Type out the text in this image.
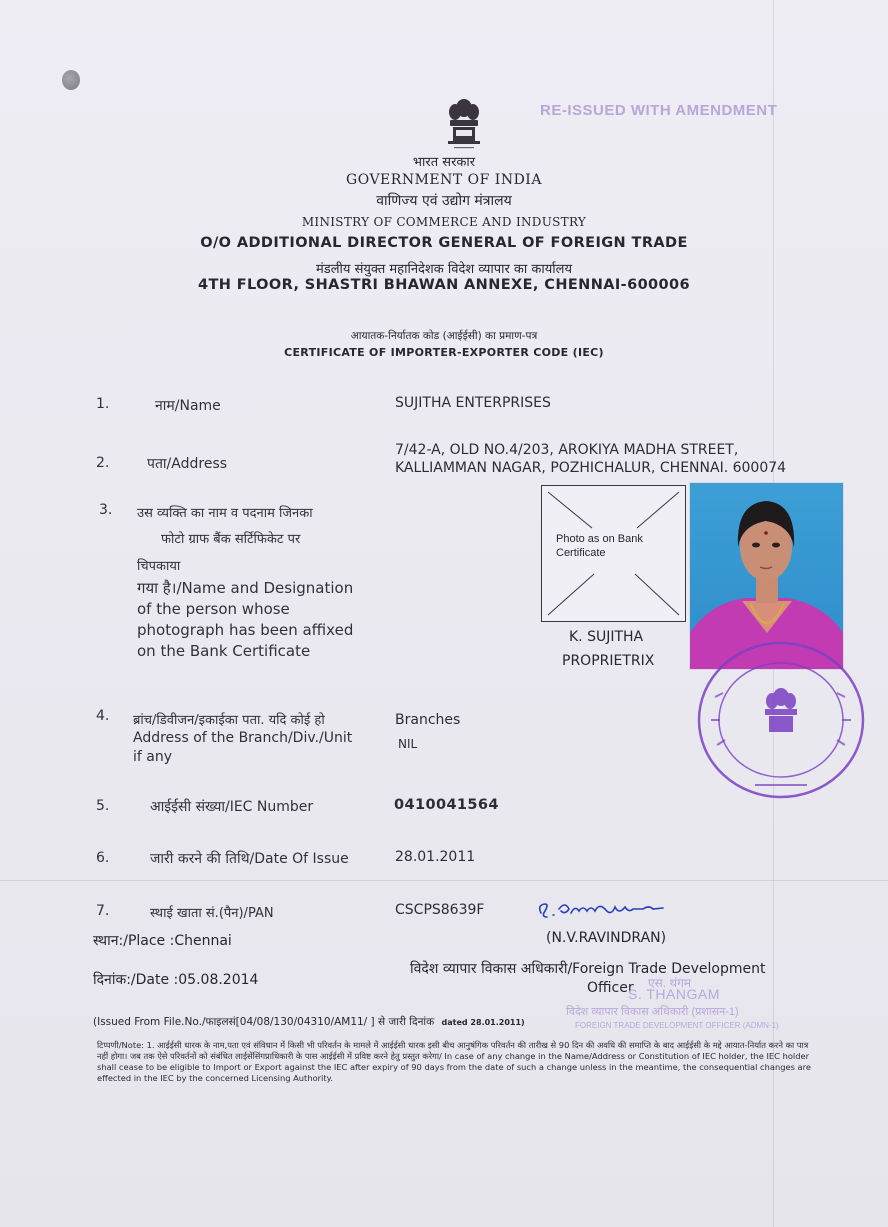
RE-ISSUED WITH AMENDMENT
भारत सरकार
GOVERNMENT OF INDIA
वाणिज्य एवं उद्योग मंत्रालय
MINISTRY OF COMMERCE AND INDUSTRY
O/O ADDITIONAL DIRECTOR GENERAL OF FOREIGN TRADE
मंडलीय संयुक्त महानिदेशक विदेश व्यापार का कार्यालय
4TH FLOOR, SHASTRI BHAWAN ANNEXE, CHENNAI-600006
आयातक-निर्यातक कोड (आईईसी) का प्रमाण-पत्र
CERTIFICATE OF IMPORTER-EXPORTER CODE (IEC)
1.	नाम/Name	SUJITHA ENTERPRISES
2.	पता/Address
7/42-A, OLD NO.4/203, AROKIYA MADHA STREET,
KALLIAMMAN NAGAR, POZHICHALUR, CHENNAI. 600074
3. उस व्यक्ति का नाम व पदनाम जिनका
फोटो ग्राफ बैंक सर्टिफिकेट पर
चिपकाया
गया है।/Name and Designation
of the person whose
photograph has been affixed
on the Bank Certificate
Photo as on Bank Certificate
K. SUJITHA
PROPRIETRIX
4. ब्रांच/डिवीजन/इकाईका पता. यदि कोई हो
Address of the Branch/Div./Unit
if any
Branches
NIL
5.	आईईसी संख्या/IEC Number	0410041564
6.	जारी करने की तिथि/Date Of Issue	28.01.2011
7.	स्थाई खाता सं.(पैन)/PAN	CSCPS8639F
स्थान:/Place :Chennai	(N.V.RAVINDRAN)
दिनांक:/Date :05.08.2014
विदेश व्यापार विकास अधिकारी/Foreign Trade Development
Officer एस. थंगम
S. THANGAM
विदेश व्यापार विकास अधिकारी (प्रशासन-1)
FOREIGN TRADE DEVELOPMENT OFFICER (ADMN-1)
(Issued From File.No./फाइलसं[04/08/130/04310/AM11/ ] से जारी दिनांक dated 28.01.2011)
टिप्पणी/Note: 1. आईईसी धारक के नाम,पता एवं संविधान में किसी भी परिवर्तन के मामले में आईईसी धारक इसी बीच आनुषंगिक परिवर्तन की तारीख से 90 दिन की अवधि की समाप्ति के बाद आईईसी के मद्दे आयात-निर्यात करने का पात्र नहीं होगा। जब तक ऐसे परिवर्तनों को संबंधित लाईसेंसिंगप्राधिकारी के पास आईईसी में प्रविष्ट करने हेतु प्रस्तुत करेगा/ In case of any change in the Name/Address or Constitution of IEC holder, the IEC holder shall cease to be eligible to Import or Export against the IEC after expiry of 90 days from the date of such a change unless in the meantime, the consequential changes are effected in the IEC by the concerned Licensing Authority.
